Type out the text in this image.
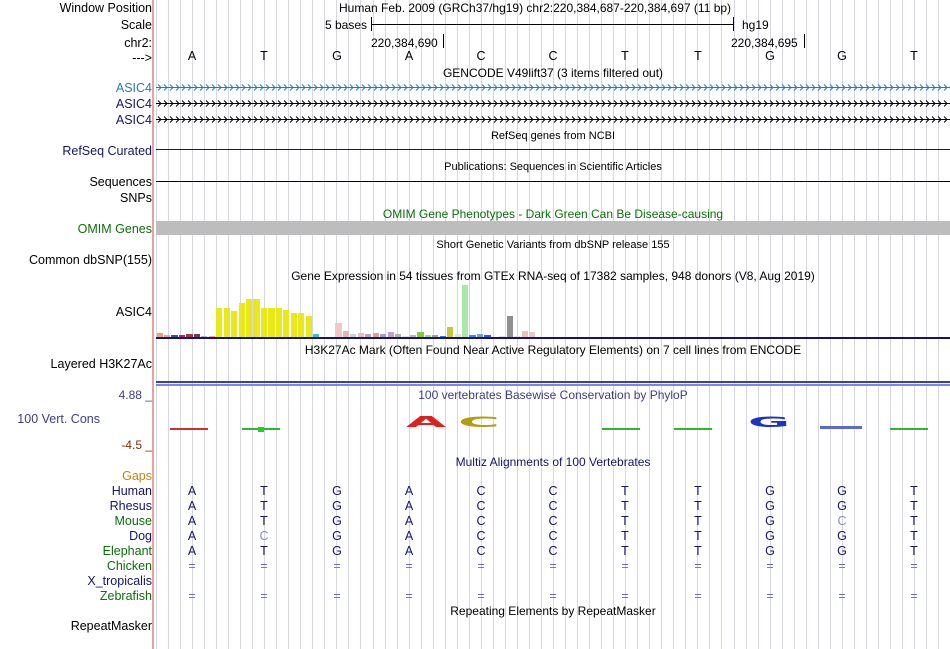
Window Position	Human Feb. 2009 (GRCh37/hg19) chr2:220,384,687-220,384,697 (11 bp)
Scale	5 bases	hg19
chr2:	220,384,690	220,384,695
--->	A	T	G	A	C	C	T	T	G	G	T
GENCODE V49lift37 (3 items filtered out)
ASIC4
ASIC4
ASIC4
RefSeq genes from NCBI
RefSeq Curated
Publications: Sequences in Scientific Articles
Sequences
SNPs
OMIM Gene Phenotypes - Dark Green Can Be Disease-causing
OMIM Genes
Short Genetic Variants from dbSNP release 155
Common dbSNP(155)
Gene Expression in 54 tissues from GTEx RNA-seq of 17382 samples, 948 donors (V8, Aug 2019)
ASIC4
H3K27Ac Mark (Often Found Near Active Regulatory Elements) on 7 cell lines from ENCODE
Layered H3K27Ac
100 vertebrates Basewise Conservation by PhyloP
4.88 _
100 Vert. Cons
-4.5 _
A C	G
Gaps
Multiz Alignments of 100 Vertebrates
Human	A	T	G	A	C	C	T	T	G	G	T
Rhesus	A	T	G	A	C	C	T	T	G	G	T
Mouse	A	T	G	A	C	C	T	T	G	C	T
Dog	A	C	G	A	C	C	T	T	G	G	T
Elephant	A	T	G	A	C	C	T	T	G	G	T
Chicken	=	=	=	=	=	=	=	=	=	=	=
X_tropicalis
Zebrafish	=	=	=	=	=	=	=	=	=	=	=
Repeating Elements by RepeatMasker
RepeatMasker
